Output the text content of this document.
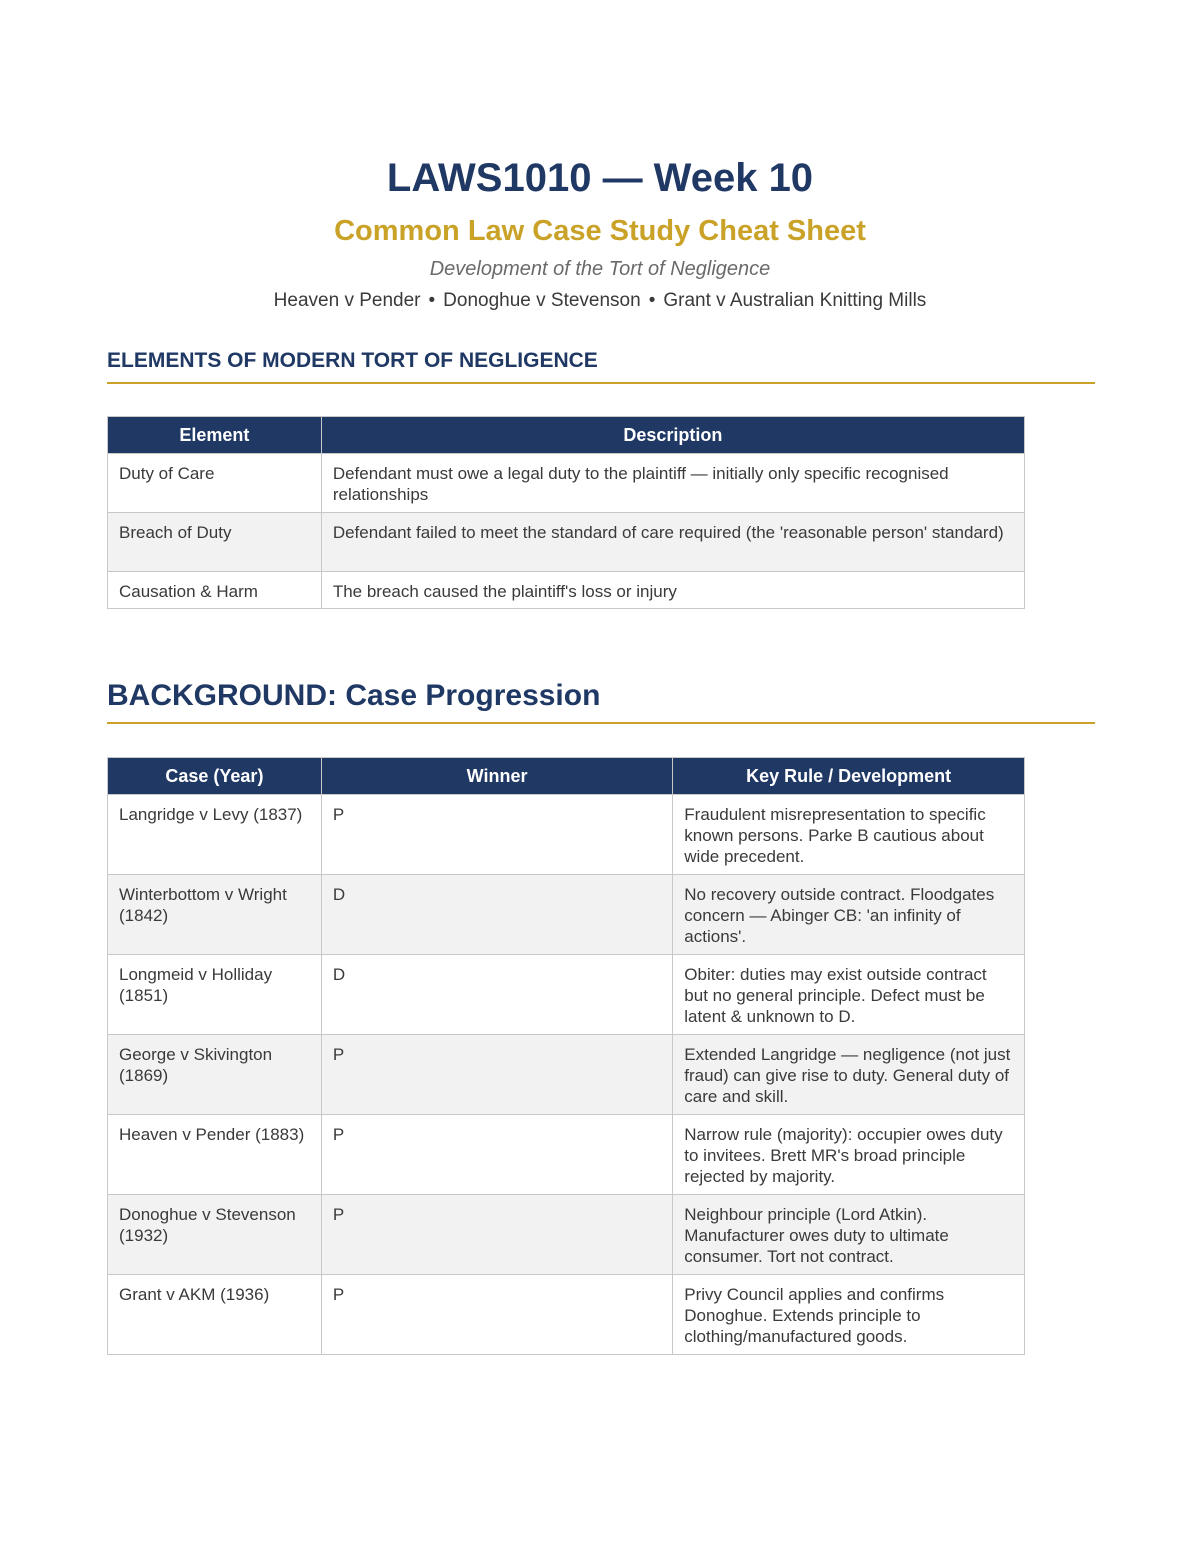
LAWS1010 — Week 10
Common Law Case Study Cheat Sheet
Development of the Tort of Negligence
Heaven v Pender • Donoghue v Stevenson • Grant v Australian Knitting Mills
ELEMENTS OF MODERN TORT OF NEGLIGENCE
Element	Description
Duty of Care	Defendant must owe a legal duty to the plaintiff — initially only specific recognised relationships
Breach of Duty	Defendant failed to meet the standard of care required (the 'reasonable person' standard)
Causation & Harm	The breach caused the plaintiff's loss or injury
BACKGROUND: Case Progression
Case (Year)	Winner	Key Rule / Development
Langridge v Levy (1837)	P	Fraudulent misrepresentation to specific known persons. Parke B cautious about wide precedent.
Winterbottom v Wright (1842)	D	No recovery outside contract. Floodgates concern — Abinger CB: 'an infinity of actions'.
Longmeid v Holliday (1851)	D	Obiter: duties may exist outside contract but no general principle. Defect must be latent & unknown to D.
George v Skivington (1869)	P	Extended Langridge — negligence (not just fraud) can give rise to duty. General duty of care and skill.
Heaven v Pender (1883)	P	Narrow rule (majority): occupier owes duty to invitees. Brett MR's broad principle rejected by majority.
Donoghue v Stevenson (1932)	P	Neighbour principle (Lord Atkin). Manufacturer owes duty to ultimate consumer. Tort not contract.
Grant v AKM (1936)	P	Privy Council applies and confirms Donoghue. Extends principle to clothing/manufactured goods.
